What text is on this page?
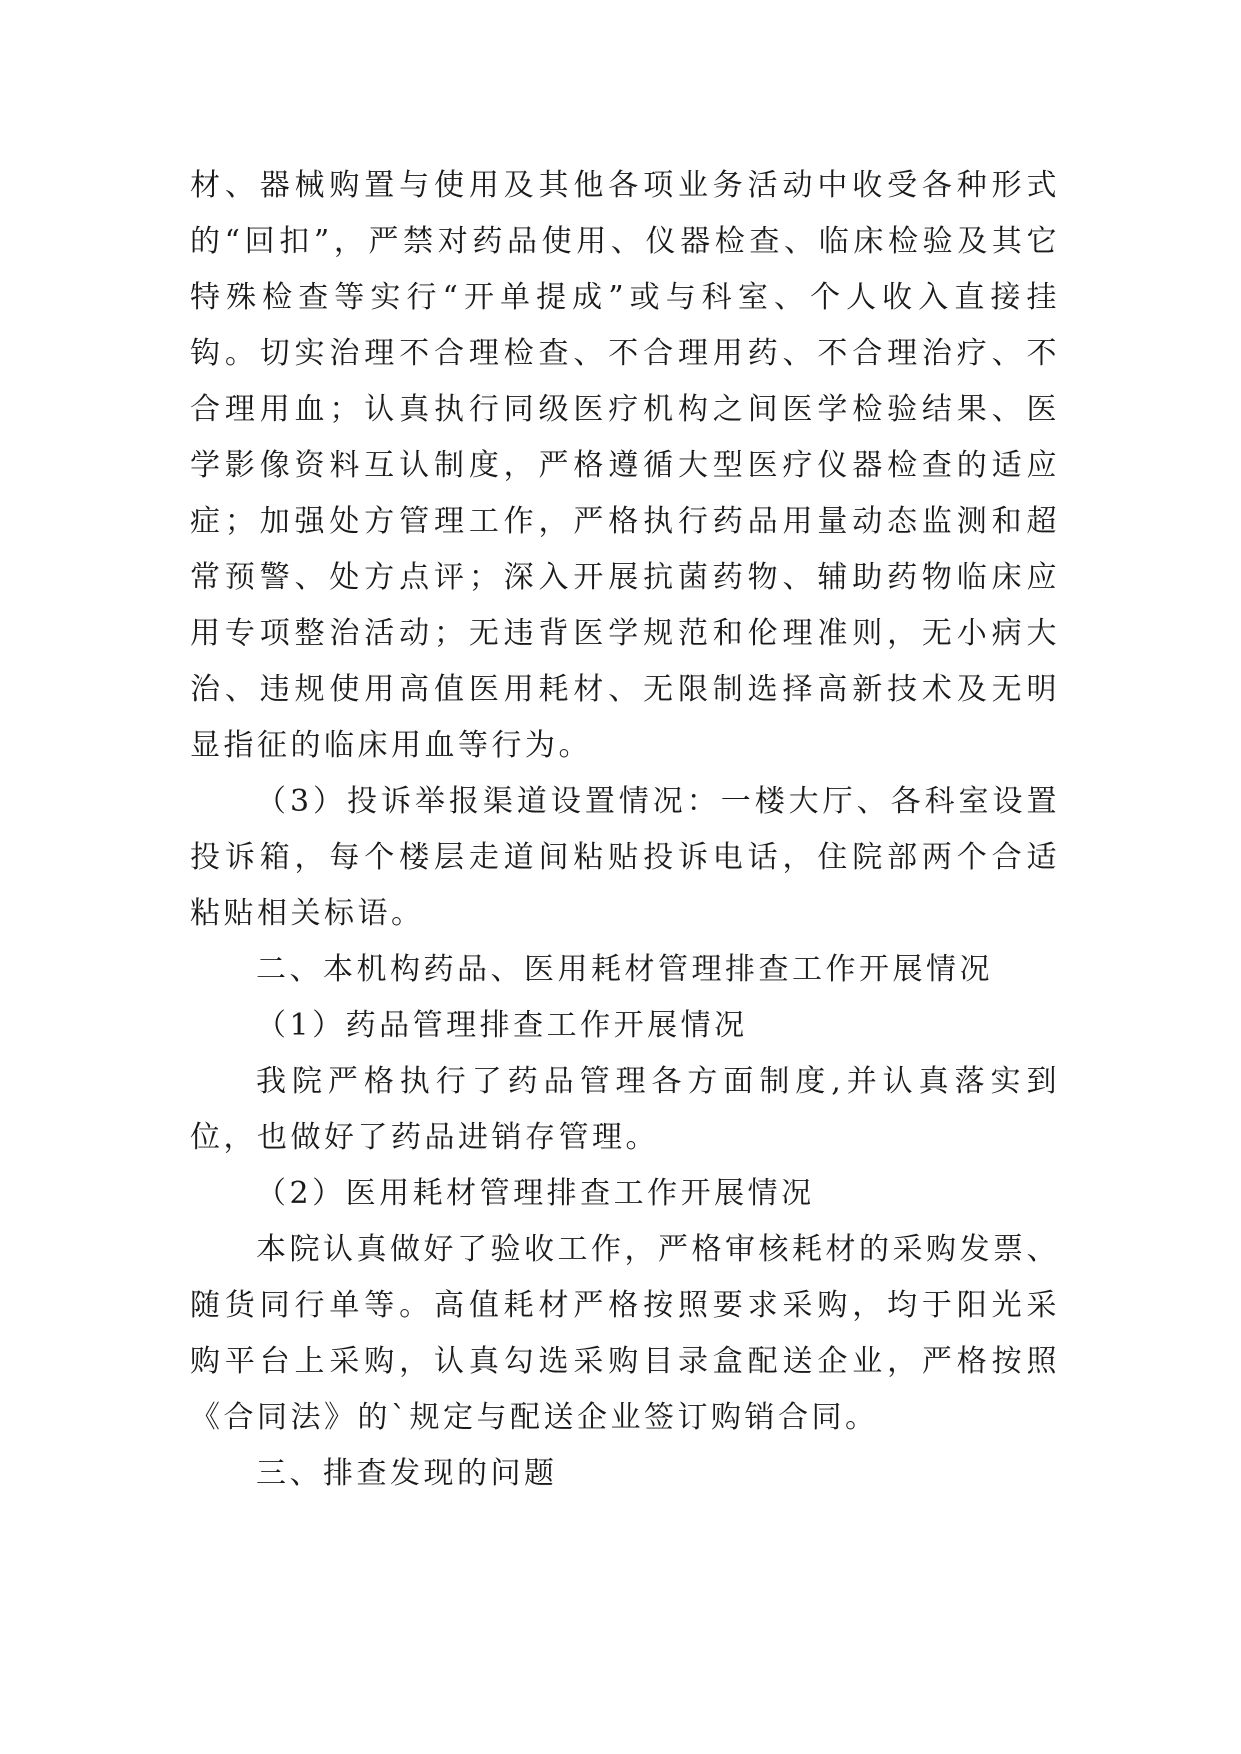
材、器械购置与使用及其他各项业务活动中收受各种形式的“回扣”，严禁对药品使用、仪器检查、临床检验及其它特殊检查等实行“开单提成”或与科室、个人收入直接挂钩。切实治理不合理检查、不合理用药、不合理治疗、不合理用血；认真执行同级医疗机构之间医学检验结果、医学影像资料互认制度，严格遵循大型医疗仪器检查的适应症；加强处方管理工作，严格执行药品用量动态监测和超常预警、处方点评；深入开展抗菌药物、辅助药物临床应用专项整治活动；无违背医学规范和伦理准则，无小病大治、违规使用高值医用耗材、无限制选择高新技术及无明显指征的临床用血等行为。

（3）投诉举报渠道设置情况：一楼大厅、各科室设置投诉箱，每个楼层走道间粘贴投诉电话，住院部两个合适粘贴相关标语。

二、本机构药品、医用耗材管理排查工作开展情况

（1）药品管理排查工作开展情况

我院严格执行了药品管理各方面制度,并认真落实到位，也做好了药品进销存管理。

（2）医用耗材管理排查工作开展情况

本院认真做好了验收工作，严格审核耗材的采购发票、随货同行单等。高值耗材严格按照要求采购，均于阳光采购平台上采购，认真勾选采购目录盒配送企业，严格按照《合同法》的`规定与配送企业签订购销合同。

三、排查发现的问题
